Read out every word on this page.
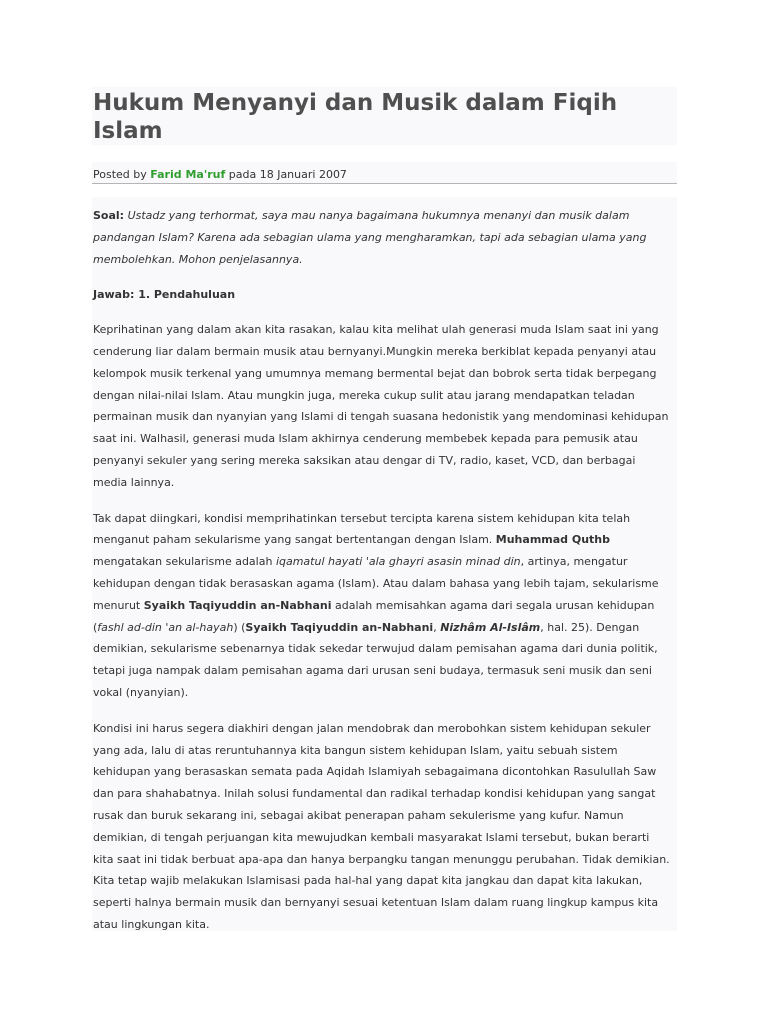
Hukum Menyanyi dan Musik dalam Fiqih Islam
Posted by Farid Ma'ruf pada 18 Januari 2007

Soal: Ustadz yang terhormat, saya mau nanya bagaimana hukumnya menanyi dan musik dalam pandangan Islam? Karena ada sebagian ulama yang mengharamkan, tapi ada sebagian ulama yang membolehkan. Mohon penjelasannya.

Jawab: 1. Pendahuluan

Keprihatinan yang dalam akan kita rasakan, kalau kita melihat ulah generasi muda Islam saat ini yang cenderung liar dalam bermain musik atau bernyanyi.Mungkin mereka berkiblat kepada penyanyi atau kelompok musik terkenal yang umumnya memang bermental bejat dan bobrok serta tidak berpegang dengan nilai-nilai Islam. Atau mungkin juga, mereka cukup sulit atau jarang mendapatkan teladan permainan musik dan nyanyian yang Islami di tengah suasana hedonistik yang mendominasi kehidupan saat ini. Walhasil, generasi muda Islam akhirnya cenderung membebek kepada para pemusik atau penyanyi sekuler yang sering mereka saksikan atau dengar di TV, radio, kaset, VCD, dan berbagai media lainnya.

Tak dapat diingkari, kondisi memprihatinkan tersebut tercipta karena sistem kehidupan kita telah menganut paham sekularisme yang sangat bertentangan dengan Islam. Muhammad Quthb mengatakan sekularisme adalah iqamatul hayati 'ala ghayri asasin minad din, artinya, mengatur kehidupan dengan tidak berasaskan agama (Islam). Atau dalam bahasa yang lebih tajam, sekularisme menurut Syaikh Taqiyuddin an-Nabhani adalah memisahkan agama dari segala urusan kehidupan (fashl ad-din 'an al-hayah) (Syaikh Taqiyuddin an-Nabhani, Nizhâm Al-Islâm, hal. 25). Dengan demikian, sekularisme sebenarnya tidak sekedar terwujud dalam pemisahan agama dari dunia politik, tetapi juga nampak dalam pemisahan agama dari urusan seni budaya, termasuk seni musik dan seni vokal (nyanyian).

Kondisi ini harus segera diakhiri dengan jalan mendobrak dan merobohkan sistem kehidupan sekuler yang ada, lalu di atas reruntuhannya kita bangun sistem kehidupan Islam, yaitu sebuah sistem kehidupan yang berasaskan semata pada Aqidah Islamiyah sebagaimana dicontohkan Rasulullah Saw dan para shahabatnya. Inilah solusi fundamental dan radikal terhadap kondisi kehidupan yang sangat rusak dan buruk sekarang ini, sebagai akibat penerapan paham sekulerisme yang kufur. Namun demikian, di tengah perjuangan kita mewujudkan kembali masyarakat Islami tersebut, bukan berarti kita saat ini tidak berbuat apa-apa dan hanya berpangku tangan menunggu perubahan. Tidak demikian. Kita tetap wajib melakukan Islamisasi pada hal-hal yang dapat kita jangkau dan dapat kita lakukan, seperti halnya bermain musik dan bernyanyi sesuai ketentuan Islam dalam ruang lingkup kampus kita atau lingkungan kita.
